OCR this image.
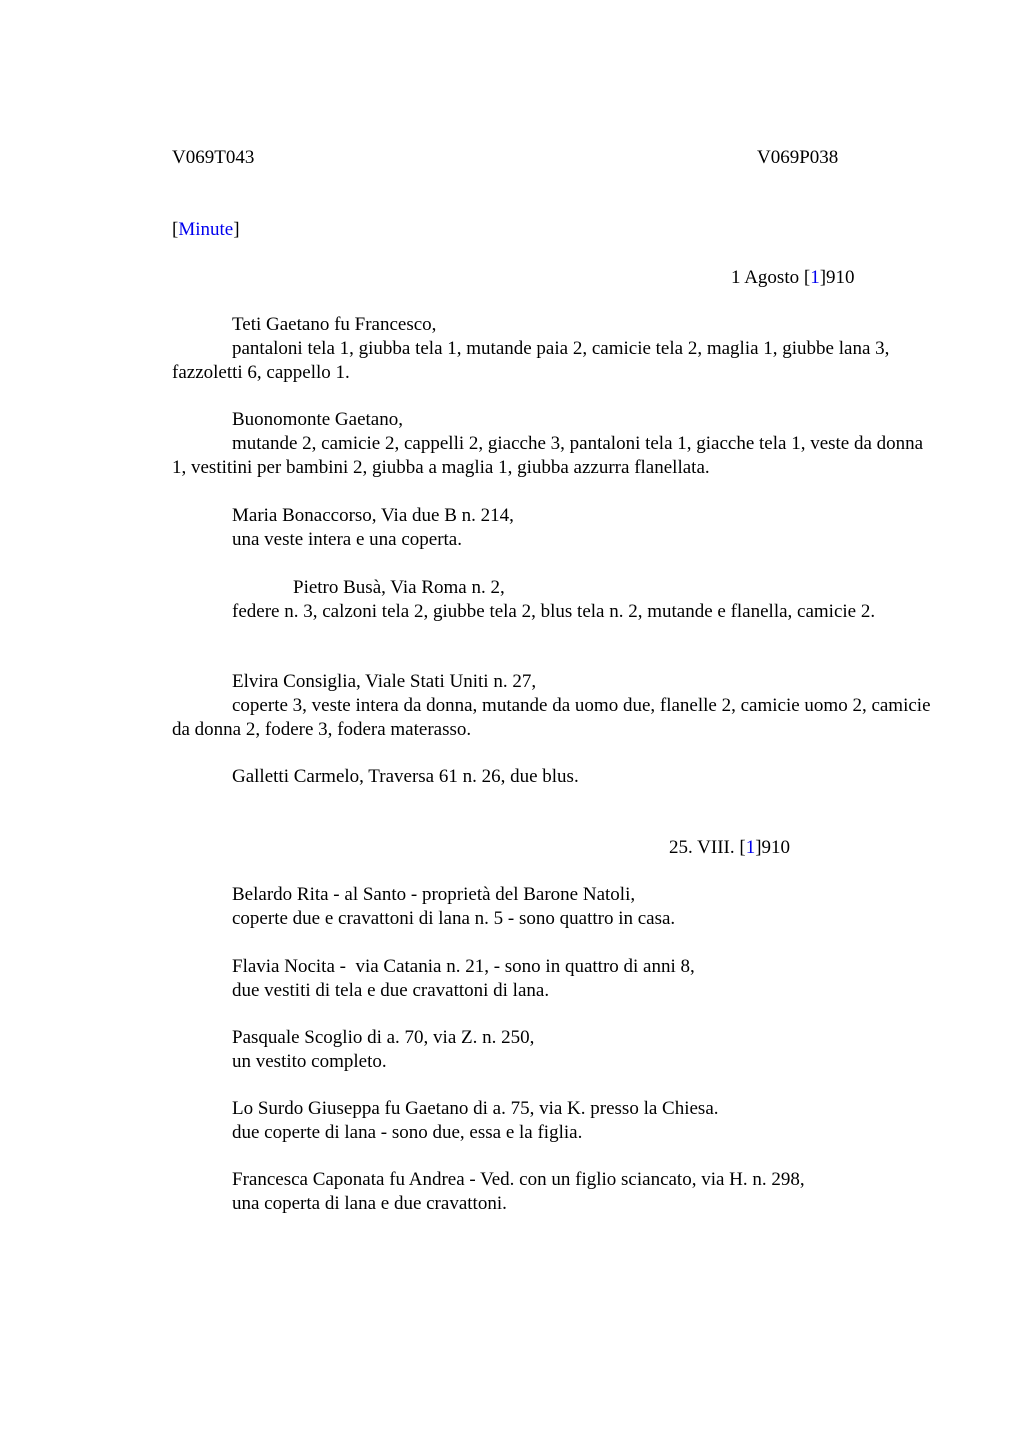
V069T043	V069P038
[Minute]
1 Agosto [1]910
Teti Gaetano fu Francesco,
pantaloni tela 1, giubba tela 1, mutande paia 2, camicie tela 2, maglia 1, giubbe lana 3, fazzoletti 6, cappello 1.
Buonomonte Gaetano,
mutande 2, camicie 2, cappelli 2, giacche 3, pantaloni tela 1, giacche tela 1, veste da donna 1, vestitini per bambini 2, giubba a maglia 1, giubba azzurra flanellata.
Maria Bonaccorso, Via due B n. 214,
una veste intera e una coperta.
Pietro Busà, Via Roma n. 2,
federe n. 3, calzoni tela 2, giubbe tela 2, blus tela n. 2, mutande e flanella, camicie 2.
Elvira Consiglia, Viale Stati Uniti n. 27,
coperte 3, veste intera da donna, mutande da uomo due, flanelle 2, camicie uomo 2, camicie da donna 2, fodere 3, fodera materasso.
Galletti Carmelo, Traversa 61 n. 26, due blus.
25. VIII. [1]910
Belardo Rita - al Santo - proprietà del Barone Natoli,
coperte due e cravattoni di lana n. 5 - sono quattro in casa.
Flavia Nocita -  via Catania n. 21, - sono in quattro di anni 8,
due vestiti di tela e due cravattoni di lana.
Pasquale Scoglio di a. 70, via Z. n. 250,
un vestito completo.
Lo Surdo Giuseppa fu Gaetano di a. 75, via K. presso la Chiesa.
due coperte di lana - sono due, essa e la figlia.
Francesca Caponata fu Andrea - Ved. con un figlio sciancato, via H. n. 298,
una coperta di lana e due cravattoni.
